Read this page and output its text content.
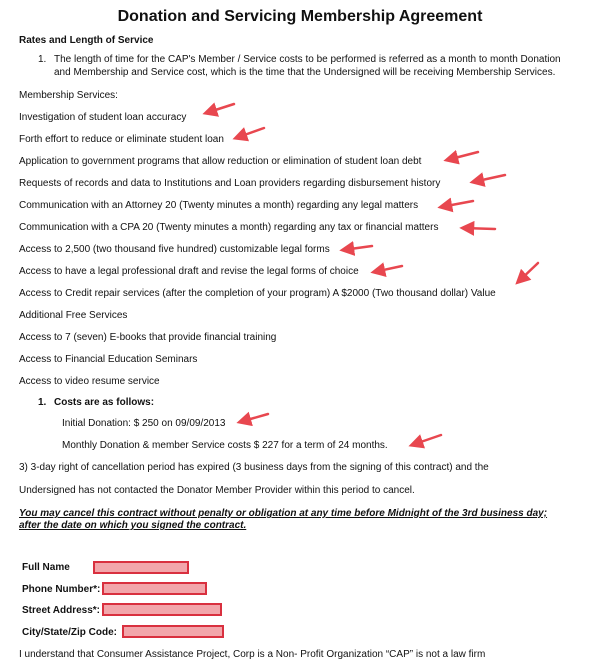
Donation and Servicing Membership Agreement
Rates and Length of Service
1. The length of time for the CAP's Member / Service costs to be performed is referred as a month to month Donation
and Membership and Service cost, which is the time that the Undersigned will be receiving Membership Services.
Membership Services:
Investigation of student loan accuracy
Forth effort to reduce or eliminate student loan
Application to government programs that allow reduction or elimination of student loan debt
Requests of records and data to Institutions and Loan providers regarding disbursement history
Communication with an Attorney 20 (Twenty minutes a month) regarding any legal matters
Communication with a CPA 20 (Twenty minutes a month) regarding any tax or financial matters
Access to 2,500 (two thousand five hundred) customizable legal forms
Access to have a legal professional draft and revise the legal forms of choice
Access to Credit repair services (after the completion of your program) A $2000 (Two thousand dollar) Value
Additional Free Services
Access to 7 (seven) E-books that provide financial training
Access to Financial Education Seminars
Access to video resume service
1. Costs are as follows:
Initial Donation: $ 250 on 09/09/2013
Monthly Donation & member Service costs $ 227 for a term of 24 months.
3) 3-day right of cancellation period has expired (3 business days from the signing of this contract) and the
Undersigned has not contacted the Donator Member Provider within this period to cancel.
You may cancel this contract without penalty or obligation at any time before Midnight of the 3rd business day;
after the date on which you signed the contract.
Full Name
Phone Number*:
Street Address*:
City/State/Zip Code:
I understand that Consumer Assistance Project, Corp is a Non- Profit Organization “CAP” is not a law firm
